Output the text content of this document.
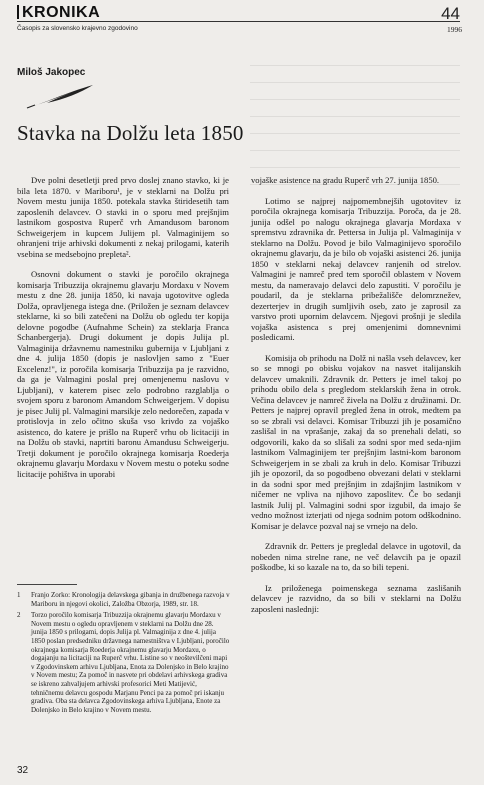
KRONIKA
Časopis za slovensko krajevno zgodovino
44
1996
Miloš Jakopec
Stavka na Dolžu leta 1850

Dve polni desetletji pred prvo doslej znano stavko, ki je bila leta 1870. v Mariboru¹, je v steklarni na Dolžu pri Novem mestu junija 1850. potekala stavka štiridesetih tam zaposlenih delavcev. O stavki in o sporu med prejšnjim lastnikom gospostva Ruperč vrh Amandusom baronom Schweigerjem in kupcem Julijem pl. Valmaginijem so ohranjeni trije arhivski dokumenti z nekaj prilogami, katerih vsebina se medsebojno prepleta².

Osnovni dokument o stavki je poročilo okrajnega komisarja Tribuzzija okrajnemu glavarju Mordaxu v Novem mestu z dne 28. junija 1850, ki navaja ugotovitve ogleda Dolža, opravljenega istega dne. (Priložen je seznam delavcev steklarne, ki so bili zatečeni na Dolžu ob ogledu ter kopija delovne pogodbe (Aufnahme Schein) za steklarja Franca Schanbergerja). Drugi dokument je dopis Julija pl. Valmaginija državnemu namestniku gubernija v Ljubljani z dne 4. julija 1850 (dopis je naslovljen samo z "Euer Excelenz!", iz poročila komisarja Tribuzzija pa je razvidno, da ga je Valmagini poslal prej omenjenemu naslovu v Ljubljani), v katerem pisec zelo podrobno razglablja o svojem sporu z baronom Amandom Schweigerjem. V dopisu je pisec Julij pl. Valmagini marsikje zelo nedorečen, zapada v protislovja in zelo očitno skuša vso krivdo za vojaško asistenco, do katere je prišlo na Ruperč vrhu ob licitaciji in na Dolžu ob stavki, naprtiti baronu Amandusu Schweigerju. Tretji dokument je poročilo okrajnega komisarja Roederja okrajnemu glavarju Mordaxu v Novem mestu o poteku sodne licitacije pohištva in uporabi

vojaške asistence na gradu Ruperč vrh 27. junija 1850.

Lotimo se najprej najpomembnejših ugotovitev iz poročila okrajnega komisarja Tribuzzija. Poroča, da je 28. junija odšel po nalogu okrajnega glavarja Mordaxa v spremstvu zdravnika dr. Pettersa in Julija pl. Valmaginija v steklarno na Dolžu. Povod je bilo Valmaginijevo sporočilo okrajnemu glavarju, da je bilo ob vojaški asistenci 26. junija 1850 v steklarni nekaj delavcev ranjenih od strelov. Valmagini je namreč pred tem sporočil oblastem v Novem mestu, da nameravajo delavci delo zapustiti. V poročilu je poudaril, da je steklarna pribežališče delomrznežev, dezerterjev in drugih sumljivih oseb, zato je zaprosil za varstvo proti upornim delavcem. Njegovi prošnji je sledila vojaška asistenca s prej omenjenimi domnevnimi posledicami.

Komisija ob prihodu na Dolž ni našla vseh delavcev, ker so se mnogi po obisku vojakov na nasvet italijanskih delavcev umaknili. Zdravnik dr. Petters je imel takoj po prihodu obilo dela s pregledom steklarskih žena in otrok. Večina delavcev je namreč živela na Dolžu z družinami. Dr. Petters je najprej opravil pregled žena in otrok, medtem pa so se zbrali vsi delavci. Komisar Tribuzzi jih je posamično zaslišal in na vprašanje, zakaj da so prenehali delati, so odgovorili, kako da so slišali za sodni spor med seda-njim lastnikom Valmaginijem ter prejšnjim lastni-kom baronom Schweigerjem in se zbali za kruh in delo. Komisar Tribuzzi jih je opozoril, da so pogodbeno obvezani delati v steklarni in da sodni spor med prejšnjim in zdajšnjim lastnikom v ničemer ne vpliva na njihovo zaposlitev. Če bo sedanji lastnik Julij pl. Valmagini sodni spor izgubil, da imajo še vedno možnost izterjati od njega sodnim potom odškodnino. Komisar je delavce pozval naj se vrnejo na delo.

Zdravnik dr. Petters je pregledal delavce in ugotovil, da nobeden nima strelne rane, ne več delavcih pa je opazil poškodbe, ki so kazale na to, da so bili tepeni.

Iz priloženega poimenskega seznama zaslišanih delavcev je razvidno, da so bili v steklarni na Dolžu zaposleni naslednji:

1	Franjo Zorko: Kronologija delavskega gibanja in družbenega razvoja v Mariboru in njegovi okolici, Založba Obzorja, 1989, str. 18.
2	Torzo poročilo komisarja Tribuzzija okrajnemu glavarju Mordaxu v Novem mestu o ogledu opravljenem v steklarni na Dolžu dne 28. junija 1850 s prilogami, dopis Julija pl. Valmaginija z dne 4. julija 1850 poslan predsedniku državnega namestništva v Ljubljani, poročilo okrajnega komisarja Roederja okrajnemu glavarju Mordaxu, o dogajanju na licitaciji na Ruperč vrhu. Listine so v neoštevilčeni mapi v Zgodovinskem arhivu Ljubljana, Enota za Dolenjsko in Belo krajino v Novem mestu; Za pomoč in nasvete pri obdelavi arhivskega gradiva se iskreno zahvaljujem arhivski profesorici Meti Matijević, tehničnemu delavcu gospodu Marjanu Penci pa za pomoč pri iskanju gradiva. Oba sta delavca Zgodovinskega arhiva Ljubljana, Enote za Dolenjsko in Belo krajino v Novem mestu.
32
